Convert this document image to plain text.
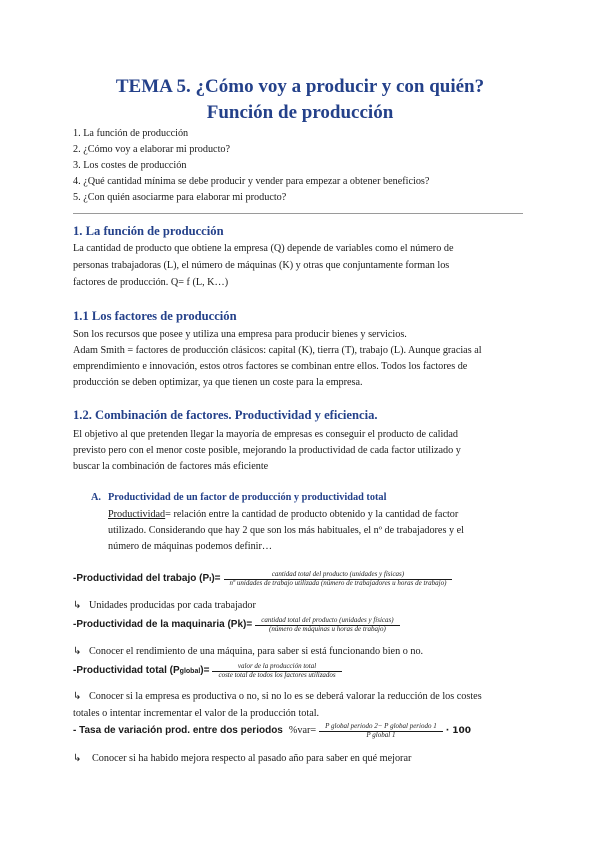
TEMA 5. ¿Cómo voy a producir y con quién?
Función de producción
1. La función de producción
2. ¿Cómo voy a elaborar mi producto?
3. Los costes de producción
4. ¿Qué cantidad mínima se debe producir y vender para empezar a obtener beneficios?
5. ¿Con quién asociarme para elaborar mi producto?
1. La función de producción
La cantidad de producto que obtiene la empresa (Q) depende de variables como el número de
personas trabajadoras (L), el número de máquinas (K) y otras que conjuntamente forman los
factores de producción. Q= f (L, K…)
1.1 Los factores de producción
Son los recursos que posee y utiliza una empresa para producir bienes y servicios.
Adam Smith = factores de producción clásicos: capital (K), tierra (T), trabajo (L). Aunque gracias al
emprendimiento e innovación, estos otros factores se combinan entre ellos. Todos los factores de
producción se deben optimizar, ya que tienen un coste para la empresa.
1.2. Combinación de factores. Productividad y eficiencia.
El objetivo al que pretenden llegar la mayoría de empresas es conseguir el producto de calidad
previsto pero con el menor coste posible, mejorando la productividad de cada factor utilizado y
buscar la combinación de factores más eficiente
A. Productividad de un factor de producción y productividad total
Productividad= relación entre la cantidad de producto obtenido y la cantidad de factor
utilizado. Considerando que hay 2 que son los más habituales, el nº de trabajadores y el
número de máquinas podemos definir…
-Productividad del trabajo (Pₗ)=	cantidad total del producto (unidades y físicas)
nº unidades de trabajo utilizada (número de trabajadores u horas de trabajo)
↳ Unidades producidas por cada trabajador
-Productividad de la maquinaria $(Pk)= \frac{\text{cantidad total del producto (unidades y físicas)}}{\text{(número de máquinas u horas de trabajo)}}$
↳ Conocer el rendimiento de una máquina, para saber si está funcionando bien o no.
-Productividad total (Pglobal)= $\frac{\text{valor de la producción total}}{\text{coste total de todos los factores utilizados}}$
↳ Conocer si la empresa es productiva o no, si no lo es se deberá valorar la reducción de los costes
totales o intentar incrementar el valor de la producción total.
- Tasa de variación prod. entre dos periodos $\%var= \frac{\text{P global periodo 2− P global periodo 1}}{\text{P global 1}} \cdot 100$
↳ Conocer si ha habido mejora respecto al pasado año para saber en qué mejorar
